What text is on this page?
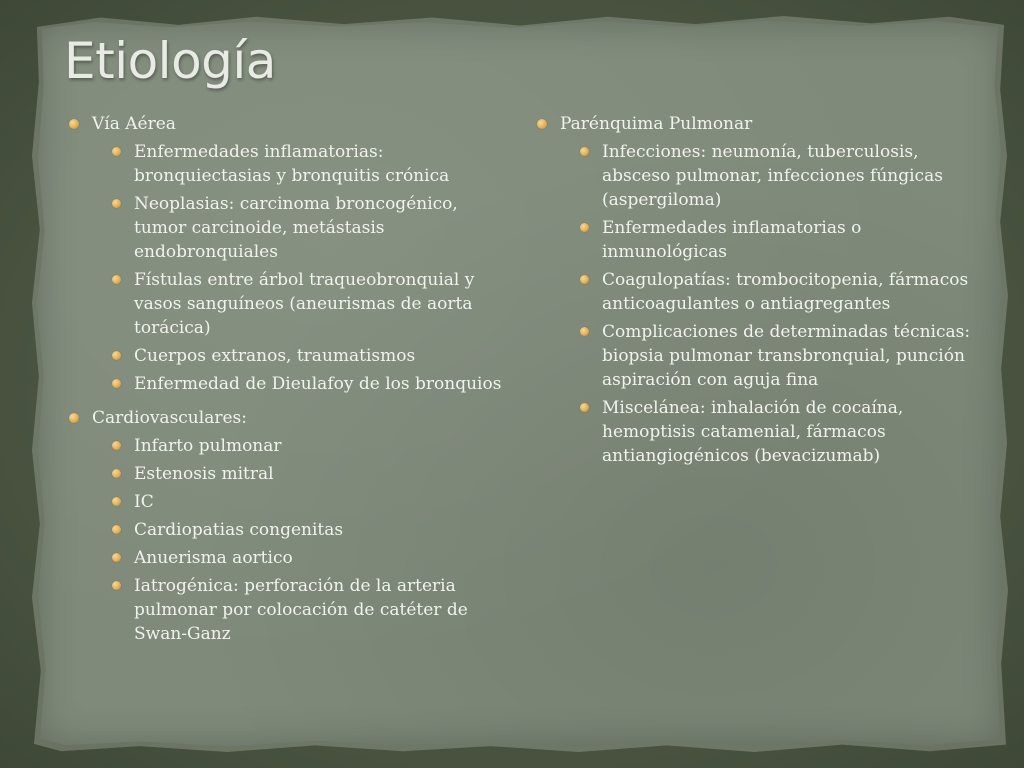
Etiología
Vía Aérea
Enfermedades inflamatorias: bronquiectasias y bronquitis crónica
Neoplasias: carcinoma broncogénico, tumor carcinoide, metástasis endobronquiales
Fístulas entre árbol traqueobronquial y vasos sanguíneos (aneurismas de aorta torácica)
Cuerpos extranos, traumatismos
Enfermedad de Dieulafoy de los bronquios
Cardiovasculares:
Infarto pulmonar
Estenosis mitral
IC
Cardiopatias congenitas
Anuerisma aortico
Iatrogénica: perforación de la arteria pulmonar por colocación de catéter de Swan-Ganz
Parénquima Pulmonar
Infecciones: neumonía, tuberculosis, absceso pulmonar, infecciones fúngicas (aspergiloma)
Enfermedades inflamatorias o inmunológicas
Coagulopatías: trombocitopenia, fármacos anticoagulantes o antiagregantes
Complicaciones de determinadas técnicas: biopsia pulmonar transbronquial, punción aspiración con aguja fina
Miscelánea: inhalación de cocaína, hemoptisis catamenial, fármacos antiangiogénicos (bevacizumab)
